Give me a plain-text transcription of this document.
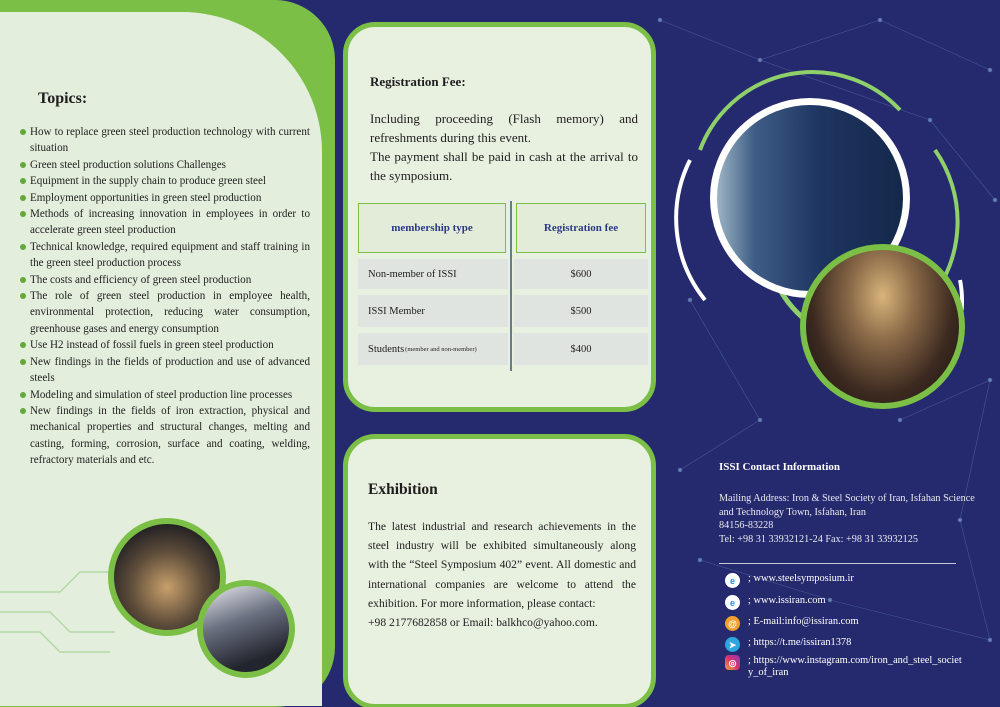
Topics:
How to replace green steel production technology with current situation
Green steel production solutions Challenges
Equipment in the supply chain to produce green steel
Employment opportunities in green steel production
Methods of increasing innovation in employees in order to accelerate green steel production
Technical knowledge, required equipment and staff training in the green steel production process
The costs and efficiency of green steel production
The role of green steel production in employee health, environmental protection, reducing water consumption, greenhouse gases and energy consumption
Use H2 instead of fossil fuels in green steel production
New findings in the fields of production and use of advanced steels
Modeling and simulation of steel production line processes
New findings in the fields of iron extraction, physical and mechanical properties and structural changes, melting and casting, forming, corrosion, surface and coating, welding, refractory materials and etc.
Registration Fee:
Including proceeding (Flash memory) and refreshments during this event.
The payment shall be paid in cash at the arrival to the symposium.
membership type	Registration fee
Non-member of ISSI	$600
ISSI Member	$500
Students (member and non-member)	$400
Exhibition
The latest industrial and research achievements in the steel industry will be exhibited simultaneously along with the “Steel Symposium 402” event. All domestic and international companies are welcome to attend the exhibition. For more information, please contact:
+98 2177682858 or Email: balkhco@yahoo.com.
ISSI Contact Information
Mailing Address: Iron & Steel Society of Iran, Isfahan Science and Technology Town, Isfahan, Iran
84156-83228
Tel: +98 31 33932121-24 Fax: +98 31 33932125
e	; www.steelsymposium.ir
e	; www.issiran.com
@ ; E-mail:info@issiran.com
➤	; https://t.me/issiran1378
◎	; https://www.instagram.com/iron_and_steel_society_of_iran
